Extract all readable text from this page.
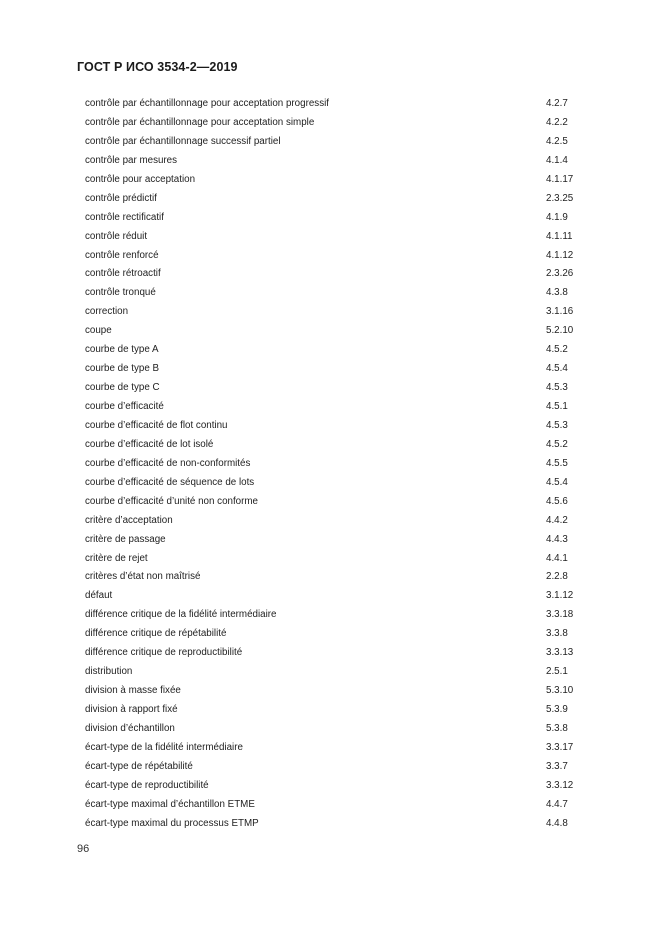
ГОСТ Р ИСО 3534-2—2019
contrôle par échantillonnage pour acceptation progressif	4.2.7
contrôle par échantillonnage pour acceptation simple	4.2.2
contrôle par échantillonnage successif partiel	4.2.5
contrôle par mesures	4.1.4
contrôle pour acceptation	4.1.17
contrôle prédictif	2.3.25
contrôle rectificatif	4.1.9
contrôle réduit	4.1.11
contrôle renforcé	4.1.12
contrôle rétroactif	2.3.26
contrôle tronqué	4.3.8
correction	3.1.16
coupe	5.2.10
courbe de type A	4.5.2
courbe de type B	4.5.4
courbe de type C	4.5.3
courbe d’efficacité	4.5.1
courbe d’efficacité de flot continu	4.5.3
courbe d’efficacité de lot isolé	4.5.2
courbe d’efficacité de non-conformités	4.5.5
courbe d’efficacité de séquence de lots	4.5.4
courbe d’efficacité d’unité non conforme	4.5.6
critère d’acceptation	4.4.2
critère de passage	4.4.3
critère de rejet	4.4.1
critères d’état non maîtrisé	2.2.8
défaut	3.1.12
différence critique de la fidélité intermédiaire	3.3.18
différence critique de répétabilité	3.3.8
différence critique de reproductibilité	3.3.13
distribution	2.5.1
division à masse fixée	5.3.10
division à rapport fixé	5.3.9
division d’échantillon	5.3.8
écart-type de la fidélité intermédiaire	3.3.17
écart-type de répétabilité	3.3.7
écart-type de reproductibilité	3.3.12
écart-type maximal d’échantillon ETME	4.4.7
écart-type maximal du processus ETMP	4.4.8
96
